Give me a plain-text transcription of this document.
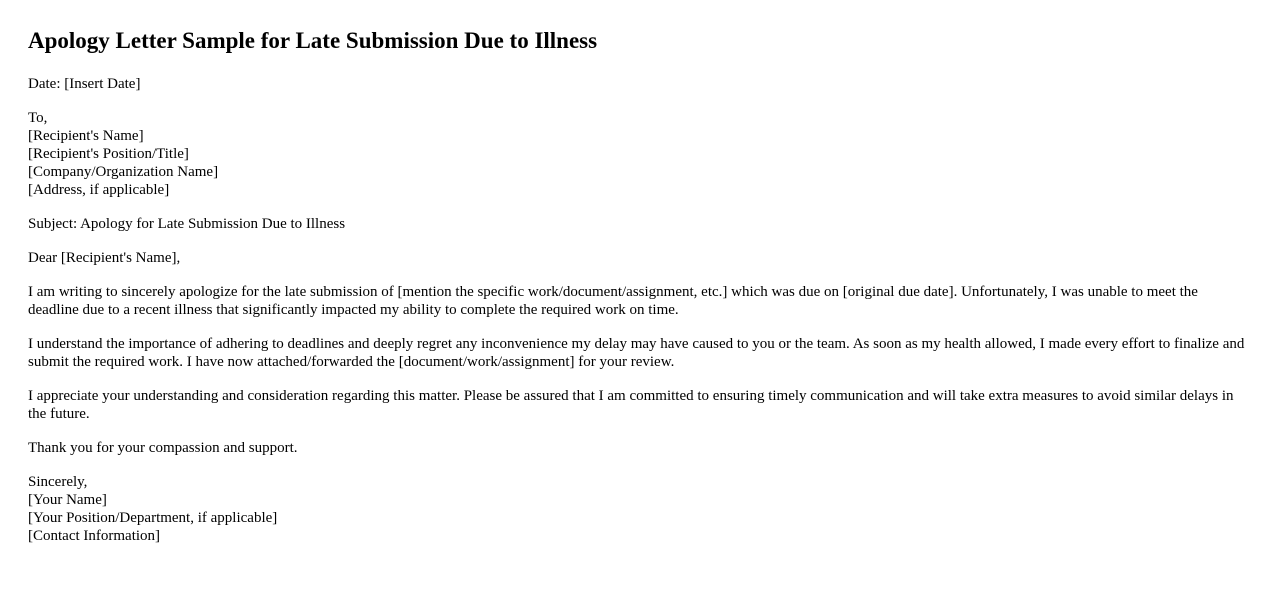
Apology Letter Sample for Late Submission Due to Illness

Date: [Insert Date]

To,
[Recipient's Name]
[Recipient's Position/Title]
[Company/Organization Name]
[Address, if applicable]

Subject: Apology for Late Submission Due to Illness

Dear [Recipient's Name],

I am writing to sincerely apologize for the late submission of [mention the specific work/document/assignment, etc.] which was due on [original due date]. Unfortunately, I was unable to meet the deadline due to a recent illness that significantly impacted my ability to complete the required work on time.

I understand the importance of adhering to deadlines and deeply regret any inconvenience my delay may have caused to you or the team. As soon as my health allowed, I made every effort to finalize and submit the required work. I have now attached/forwarded the [document/work/assignment] for your review.

I appreciate your understanding and consideration regarding this matter. Please be assured that I am committed to ensuring timely communication and will take extra measures to avoid similar delays in the future.

Thank you for your compassion and support.

Sincerely,
[Your Name]
[Your Position/Department, if applicable]
[Contact Information]
